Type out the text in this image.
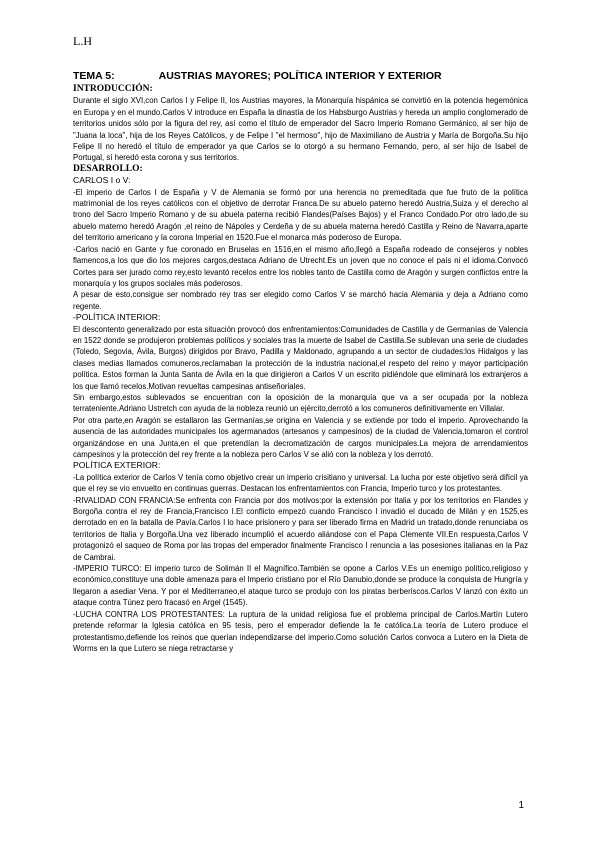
L.H
TEMA 5:	AUSTRIAS MAYORES; POLÍTICA INTERIOR Y EXTERIOR
INTRODUCCIÓN:

Durante el siglo XVI,con Carlos I y Felipe II, los Austrias mayores, la Monarquía hispánica se convirtió en la potencia hegemónica en Europa y en el mundo.Carlos V introduce en España la dinastía de los Habsburgo Austrias y hereda un amplio conglomerado de territorios unidos sólo por la figura del rey, así como el título de emperador del Sacro Imperio Romano Germánico, al ser hijo de "Juana la loca", hija de los Reyes Católicos, y de Felipe I "el hermoso", hijo de Maximiliano de Austria y María de Borgoña.Su hijo Felipe II no heredó el título de emperador ya que Carlos se lo otorgó a su hermano Fernando, pero, al ser hijo de Isabel de Portugal, sí heredó esta corona y sus territorios.

DESARROLLO:
CARLOS I o V:

-El imperio de Carlos I de España y V de Alemania se formó por una herencia no premeditada que fue fruto de la política matrimonial de los reyes católicos con el objetivo de derrotar Franca.De su abuelo paterno heredó Austria,Suiza y el derecho al trono del Sacro Imperio Romano y de su abuela paterna recibió Flandes(Países Bajos) y el Franco Condado.Por otro lado,de su abuelo materno heredó Aragón ,el reino de Nápoles y Cerdeña y de su abuela materna heredó Castilla y Reino de Navarra,aparte del territorio americano y la corona Imperial en 1520.Fue el monarca más poderoso de Europa.

-Carlos nació en Gante y fue coronado en Bruselas en 1516,en el mismo año,llegó a España rodeado de consejeros y nobles flamencos,a los que dio los mejores cargos,destaca Adriano de Utrecht.Es un joven que no conoce el país ni el idioma.Convocó Cortes para ser jurado como rey,esto levantó recelos entre los nobles tanto de Castilla como de Aragón y surgen conflictos entre la monarquía y los grupos sociales más poderosos.

A pesar de esto,consigue ser nombrado rey tras ser elegido como Carlos V se marchó hacia Alemania y deja a Adriano como regente.

-POLÍTICA INTERIOR:

El descontento generalizado por esta situación provocó dos enfrentamientos:Comunidades de Castilla y de Germanías de Valencia en 1522 donde se produjeron problemas políticos y sociales tras la muerte de Isabel de Castilla.Se sublevan una serie de ciudades (Toledo, Segovia, Ávila, Burgos) dirigidos por Bravo, Padilla y Maldonado, agrupando a un sector de ciudades:los Hidalgos y las clases medias llamados comuneros,reclamaban la protección de la industria nacional,el respeto del reino y mayor participación política. Estos forman la Junta Santa de Ávila en la que dirigieron a Carlos V un escrito pidiéndole que eliminará los extranjeros a los que llamó recelos.Motivan revueltas campesinas antiseñoriales.

Sin embargo,estos sublevados se encuentran con la oposición de la monarquía que va a ser ocupada por la nobleza terrateniente.Adriano Ustretch con ayuda de la nobleza reunió un ejército,derrotó a los comuneros definitivamente en Villalar.

Por otra parte,en Aragón se estallaron las Germanías,se origina en Valencia y se extiende por todo el imperio. Aprovechando la ausencia de las autoridades municipales los agermanados (artesanos y campesinos) de la ciudad de Valencia,tomaron el control organizándose en una Junta,en el que pretendían la decromatización de cargos municipales.La mejora de arrendamientos campesinos y la protección del rey frente a la nobleza pero Carlos V se alió con la nobleza y los derrotó.

POLÍTICA EXTERIOR:

-La política exterior de Carlos V tenía como objetivo crear un imperio crisitiano y universal. La lucha por este objetivo será difícil ya que el rey se vio envuelto en continuas guerras. Destacan los enfrentamientos con Francia, Imperio turco y los protestantes.

-RIVALIDAD CON FRANCIA:Se enfrenta con Francia por dos motivos:por la extensión por Italia y por los territorios en Flandes y Borgoña contra el rey de Francia,Francisco I.El conflicto empezó cuando Francisco I invadió el ducado de Milán y en 1525,es derrotado en en la batalla de Pavía.Carlos I lo hace prisionero y para ser liberado firma en Madrid un tratado,donde renunciaba os territorios de Italia y Borgoña.Una vez liberado incumplió el acuerdo aliándose con el Papa Clemente VII.En respuesta,Carlos V protagonizó el saqueo de Roma por las tropas del emperador finalmente Francisco I renuncia a las posesiones italianas en la Paz de Cambrai.

-IMPERIO TURCO: El imperio turco de Solimán II el Magnífico.También se opone a Carlos V.Es un enemigo político,religioso y económico,constituye una doble amenaza para el Imperio cristiano por el Río Danubio,donde se produce la conquista de Hungría y llegaron a asediar Vena. Y por el Mediterraneo,el ataque turco se produjo con los piratas berberiscos.Carlos V lanzó con éxito un ataque contra Túnez pero fracasó en Argel (1545).

-LUCHA CONTRA LOS PROTESTANTES: La ruptura de la unidad religiosa fue el problema principal de Carlos.Martín Lutero pretende reformar la Iglesia católica en 95 tesis, pero el emperador defiende la fe católica.La teoría de Lutero produce el protestantismo,defiende los reinos que querían independizarse del imperio.Como solución Carlos convoca a Lutero en la Dieta de Worms en la que Lutero se niega retractarse y

1
